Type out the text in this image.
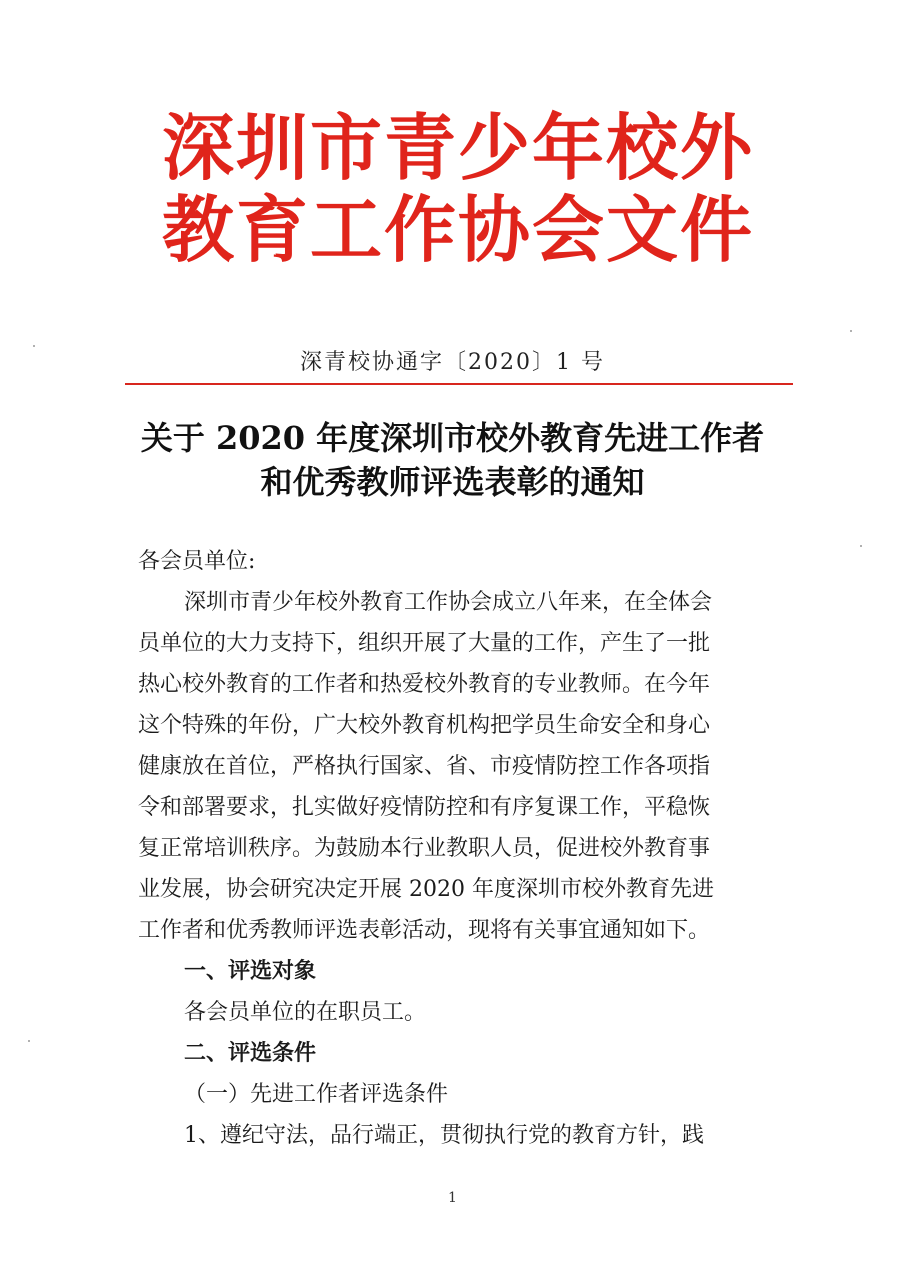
深圳市青少年校外
教育工作协会文件
深青校协通字〔2020〕1 号
关于 2020 年度深圳市校外教育先进工作者
和优秀教师评选表彰的通知
各会员单位:
深圳市青少年校外教育工作协会成立八年来，在全体会
员单位的大力支持下，组织开展了大量的工作，产生了一批
热心校外教育的工作者和热爱校外教育的专业教师。在今年
这个特殊的年份，广大校外教育机构把学员生命安全和身心
健康放在首位，严格执行国家、省、市疫情防控工作各项指
令和部署要求，扎实做好疫情防控和有序复课工作，平稳恢
复正常培训秩序。为鼓励本行业教职人员，促进校外教育事
业发展，协会研究决定开展 2020 年度深圳市校外教育先进
工作者和优秀教师评选表彰活动，现将有关事宜通知如下。
一、评选对象
各会员单位的在职员工。
二、评选条件
（一）先进工作者评选条件
1、遵纪守法，品行端正，贯彻执行党的教育方针，践
1
